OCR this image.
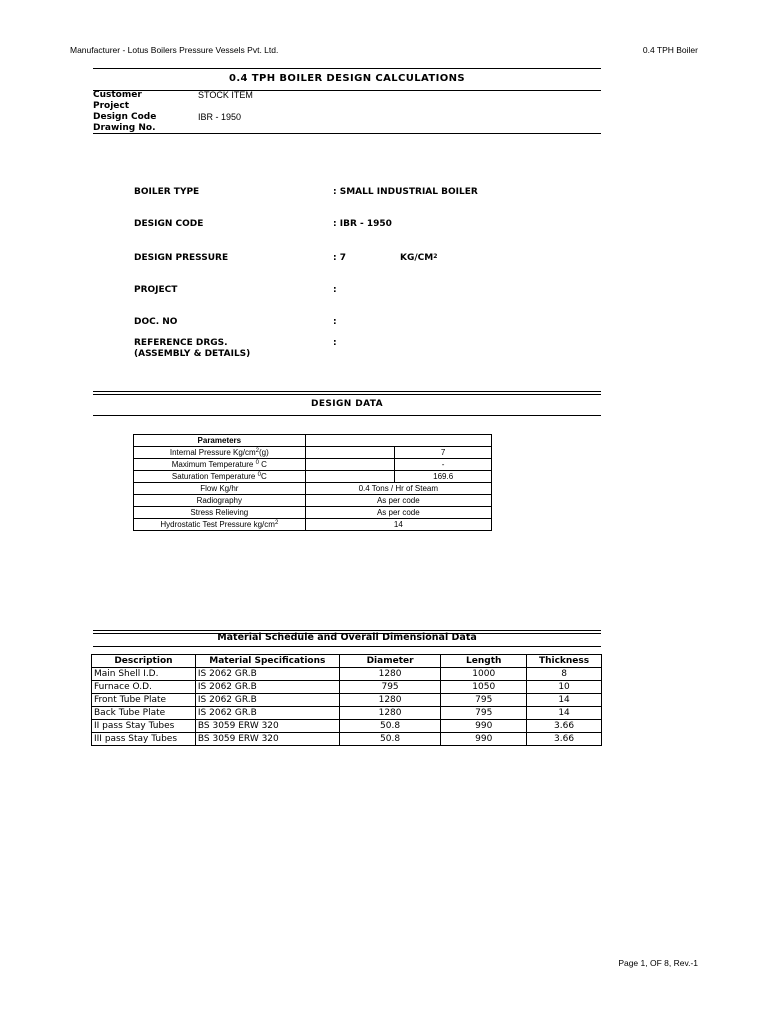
Manufacturer - Lotus Boilers Pressure Vessels Pvt. Ltd.	0.4 TPH Boiler
0.4 TPH BOILER DESIGN CALCULATIONS
Customer	STOCK ITEM
Project
Design Code	IBR - 1950
Drawing No.
BOILER TYPE	: SMALL INDUSTRIAL BOILER
DESIGN CODE	: IBR - 1950
DESIGN PRESSURE	: 7	$KG/CM^2$
PROJECT	:
DOC. NO	:
REFERENCE DRGS.
(ASSEMBLY & DETAILS)
:
DESIGN DATA
Parameters		
Internal Pressure $Kg/cm^2(g)$		7
Maximum Temperature $^0$ C		-
Saturation Temperature $^0$C		169.6
Flow Kg/hr	0.4 Tons / Hr of Steam	
Radiography	As per code	
Stress Relieving	As per code	
Hydrostatic Test Pressure $kg/cm^2$	14	
Material Schedule and Overall Dimensional Data
Description	Material Specifications	Diameter	Length	Thickness
Main Shell I.D.	IS 2062 GR.B	1280	1000	8
Furnace O.D.	IS 2062 GR.B	795	1050	10
Front Tube Plate	IS 2062 GR.B	1280	795	14
Back Tube Plate	IS 2062 GR.B	1280	795	14
II pass Stay Tubes	BS 3059 ERW 320	50.8	990	3.66
III pass Stay Tubes	BS 3059 ERW 320	50.8	990	3.66
Page 1, OF 8, Rev.-1
